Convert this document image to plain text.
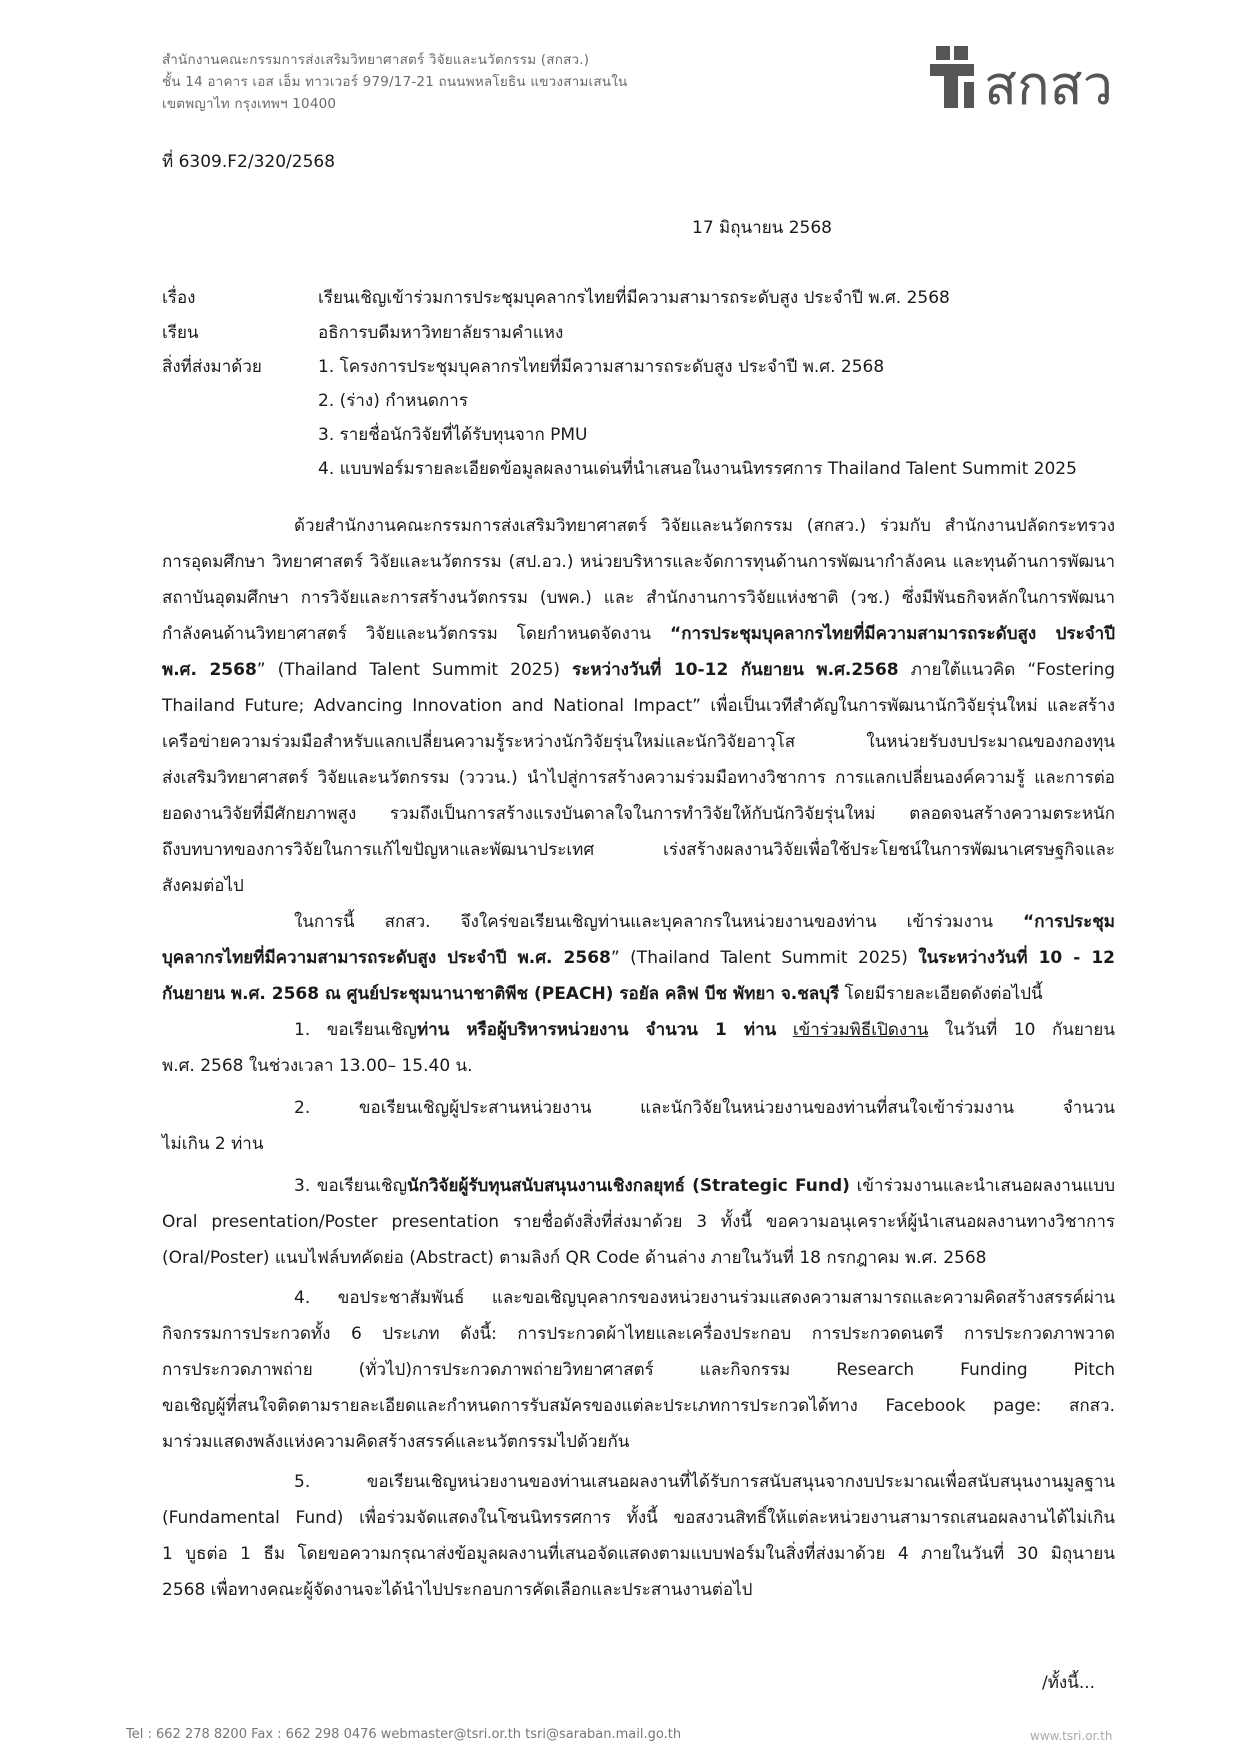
สำนักงานคณะกรรมการส่งเสริมวิทยาศาสตร์ วิจัยและนวัตกรรม (สกสว.)
ชั้น 14 อาคาร เอส เอ็ม ทาวเวอร์ 979/17-21 ถนนพหลโยธิน แขวงสามเสนใน
เขตพญาไท กรุงเทพฯ 10400	สกสว
ที่ 6309.F2/320/2568
17 มิถุนายน 2568
เรื่อง	เรียนเชิญเข้าร่วมการประชุมบุคลากรไทยที่มีความสามารถระดับสูง ประจำปี พ.ศ. 2568
เรียน	อธิการบดีมหาวิทยาลัยรามคำแหง
สิ่งที่ส่งมาด้วย	1. โครงการประชุมบุคลากรไทยที่มีความสามารถระดับสูง ประจำปี พ.ศ. 2568
2. (ร่าง) กำหนดการ
3. รายชื่อนักวิจัยที่ได้รับทุนจาก PMU
4. แบบฟอร์มรายละเอียดข้อมูลผลงานเด่นที่นำเสนอในงานนิทรรศการ Thailand Talent Summit 2025
ด้วยสำนักงานคณะกรรมการส่งเสริมวิทยาศาสตร์ วิจัยและนวัตกรรม (สกสว.) ร่วมกับ สำนักงานปลัดกระทรวง
การอุดมศึกษา วิทยาศาสตร์ วิจัยและนวัตกรรม (สป.อว.) หน่วยบริหารและจัดการทุนด้านการพัฒนากำลังคน และทุนด้านการพัฒนา
สถาบันอุดมศึกษา การวิจัยและการสร้างนวัตกรรม (บพค.) และ สำนักงานการวิจัยแห่งชาติ (วช.) ซึ่งมีพันธกิจหลักในการพัฒนา
กำลังคนด้านวิทยาศาสตร์ วิจัยและนวัตกรรม โดยกำหนดจัดงาน “การประชุมบุคลากรไทยที่มีความสามารถระดับสูง ประจำปี
พ.ศ. 2568” (Thailand Talent Summit 2025) ระหว่างวันที่ 10-12 กันยายน พ.ศ.2568 ภายใต้แนวคิด “Fostering
Thailand Future; Advancing Innovation and National Impact” เพื่อเป็นเวทีสำคัญในการพัฒนานักวิจัยรุ่นใหม่ และสร้าง
เครือข่ายความร่วมมือสำหรับแลกเปลี่ยนความรู้ระหว่างนักวิจัยรุ่นใหม่และนักวิจัยอาวุโส ในหน่วยรับงบประมาณของกองทุน
ส่งเสริมวิทยาศาสตร์ วิจัยและนวัตกรรม (วววน.) นำไปสู่การสร้างความร่วมมือทางวิชาการ การแลกเปลี่ยนองค์ความรู้ และการต่อ
ยอดงานวิจัยที่มีศักยภาพสูง รวมถึงเป็นการสร้างแรงบันดาลใจในการทำวิจัยให้กับนักวิจัยรุ่นใหม่ ตลอดจนสร้างความตระหนัก
ถึงบทบาทของการวิจัยในการแก้ไขปัญหาและพัฒนาประเทศ เร่งสร้างผลงานวิจัยเพื่อใช้ประโยชน์ในการพัฒนาเศรษฐกิจและ
สังคมต่อไป
ในการนี้ สกสว. จึงใคร่ขอเรียนเชิญท่านและบุคลากรในหน่วยงานของท่าน เข้าร่วมงาน “การประชุม
บุคลากรไทยที่มีความสามารถระดับสูง ประจำปี พ.ศ. 2568” (Thailand Talent Summit 2025) ในระหว่างวันที่ 10 - 12
กันยายน พ.ศ. 2568 ณ ศูนย์ประชุมนานาชาติพีช (PEACH) รอยัล คลิฟ บีช พัทยา จ.ชลบุรี โดยมีรายละเอียดดังต่อไปนี้
1. ขอเรียนเชิญท่าน หรือผู้บริหารหน่วยงาน จำนวน 1 ท่าน เข้าร่วมพิธีเปิดงาน ในวันที่ 10 กันยายน
พ.ศ. 2568 ในช่วงเวลา 13.00– 15.40 น.
2. ขอเรียนเชิญผู้ประสานหน่วยงาน และนักวิจัยในหน่วยงานของท่านที่สนใจเข้าร่วมงาน จำนวน
ไม่เกิน 2 ท่าน
3. ขอเรียนเชิญนักวิจัยผู้รับทุนสนับสนุนงานเชิงกลยุทธ์ (Strategic Fund) เข้าร่วมงานและนำเสนอผลงานแบบ
Oral presentation/Poster presentation รายชื่อดังสิ่งที่ส่งมาด้วย 3 ทั้งนี้ ขอความอนุเคราะห์ผู้นำเสนอผลงานทางวิชาการ
(Oral/Poster) แนบไฟล์บทคัดย่อ (Abstract) ตามลิงก์ QR Code ด้านล่าง ภายในวันที่ 18 กรกฎาคม พ.ศ. 2568
4. ขอประชาสัมพันธ์ และขอเชิญบุคลากรของหน่วยงานร่วมแสดงความสามารถและความคิดสร้างสรรค์ผ่าน
กิจกรรมการประกวดทั้ง 6 ประเภท ดังนี้: การประกวดผ้าไทยและเครื่องประกอบ การประกวดดนตรี การประกวดภาพวาด
การประกวดภาพถ่าย (ทั่วไป)การประกวดภาพถ่ายวิทยาศาสตร์ และกิจกรรม Research Funding Pitch
ขอเชิญผู้ที่สนใจติดตามรายละเอียดและกำหนดการรับสมัครของแต่ละประเภทการประกวดได้ทาง Facebook page: สกสว.
มาร่วมแสดงพลังแห่งความคิดสร้างสรรค์และนวัตกรรมไปด้วยกัน
5. ขอเรียนเชิญหน่วยงานของท่านเสนอผลงานที่ได้รับการสนับสนุนจากงบประมาณเพื่อสนับสนุนงานมูลฐาน
(Fundamental Fund) เพื่อร่วมจัดแสดงในโซนนิทรรศการ ทั้งนี้ ขอสงวนสิทธิ์ให้แต่ละหน่วยงานสามารถเสนอผลงานได้ไม่เกิน
1 บูธต่อ 1 ธีม โดยขอความกรุณาส่งข้อมูลผลงานที่เสนอจัดแสดงตามแบบฟอร์มในสิ่งที่ส่งมาด้วย 4 ภายในวันที่ 30 มิถุนายน
2568 เพื่อทางคณะผู้จัดงานจะได้นำไปประกอบการคัดเลือกและประสานงานต่อไป
/ทั้งนี้...
Tel : 662 278 8200 Fax : 662 298 0476 webmaster@tsri.or.th tsri@saraban.mail.go.th	www.tsri.or.th
